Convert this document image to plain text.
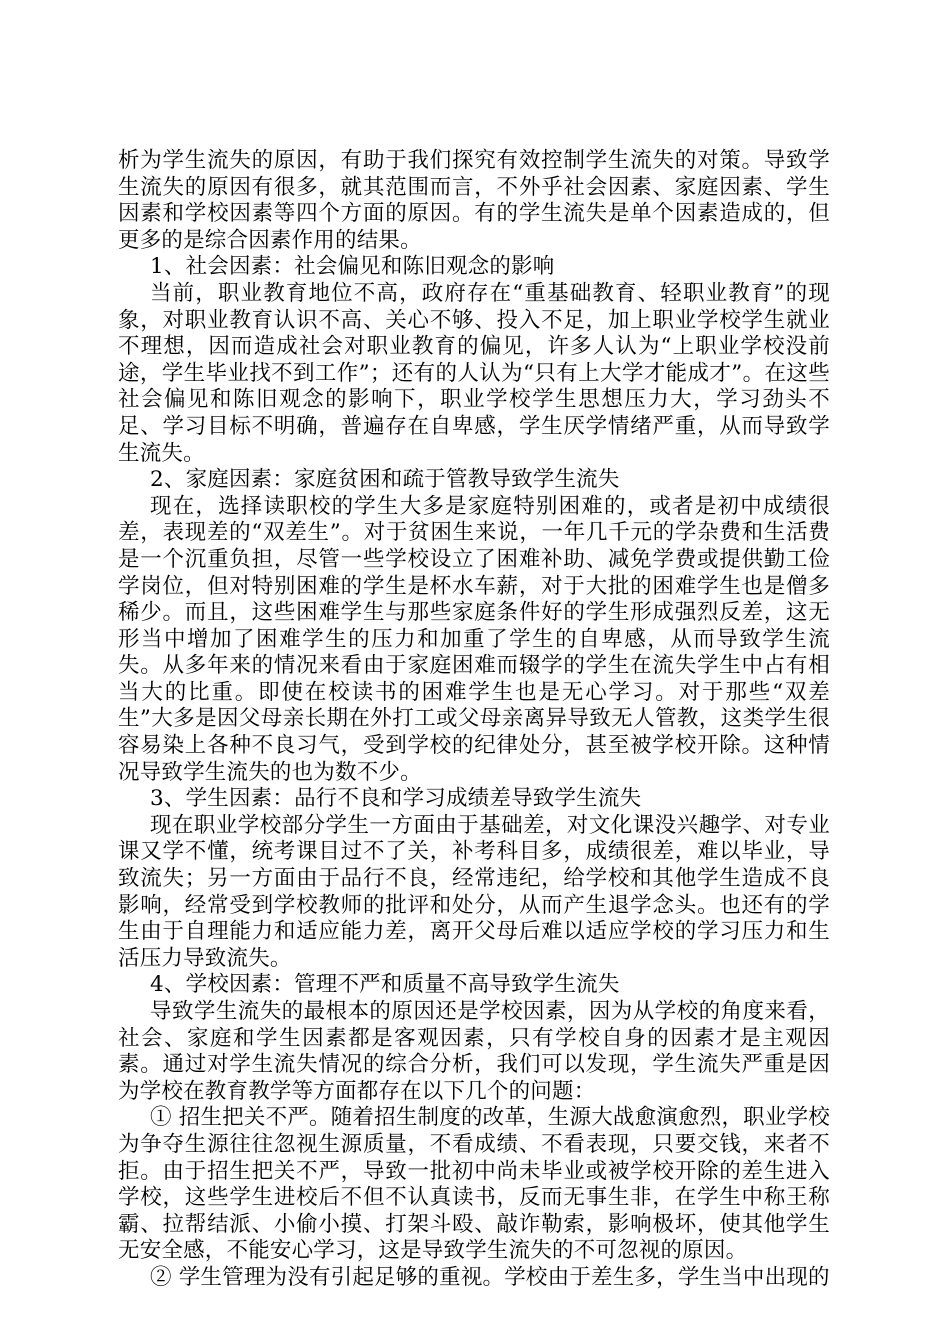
析为学生流失的原因，有助于我们探究有效控制学生流失的对策。导致学生流失的原因有很多，就其范围而言，不外乎社会因素、家庭因素、学生因素和学校因素等四个方面的原因。有的学生流失是单个因素造成的，但更多的是综合因素作用的结果。

1、社会因素：社会偏见和陈旧观念的影响

当前，职业教育地位不高，政府存在“重基础教育、轻职业教育”的现象，对职业教育认识不高、关心不够、投入不足，加上职业学校学生就业不理想，因而造成社会对职业教育的偏见，许多人认为“上职业学校没前途，学生毕业找不到工作”；还有的人认为“只有上大学才能成才”。在这些社会偏见和陈旧观念的影响下，职业学校学生思想压力大，学习劲头不足、学习目标不明确，普遍存在自卑感，学生厌学情绪严重，从而导致学生流失。

2、家庭因素：家庭贫困和疏于管教导致学生流失

现在，选择读职校的学生大多是家庭特别困难的，或者是初中成绩很差，表现差的“双差生”。对于贫困生来说，一年几千元的学杂费和生活费是一个沉重负担，尽管一些学校设立了困难补助、减免学费或提供勤工俭学岗位，但对特别困难的学生是杯水车薪，对于大批的困难学生也是僧多稀少。而且，这些困难学生与那些家庭条件好的学生形成强烈反差，这无形当中增加了困难学生的压力和加重了学生的自卑感，从而导致学生流失。从多年来的情况来看由于家庭困难而辍学的学生在流失学生中占有相当大的比重。即使在校读书的困难学生也是无心学习。对于那些“双差生”大多是因父母亲长期在外打工或父母亲离异导致无人管教，这类学生很容易染上各种不良习气，受到学校的纪律处分，甚至被学校开除。这种情况导致学生流失的也为数不少。

3、学生因素：品行不良和学习成绩差导致学生流失

现在职业学校部分学生一方面由于基础差，对文化课没兴趣学、对专业课又学不懂，统考课目过不了关，补考科目多，成绩很差，难以毕业，导致流失；另一方面由于品行不良，经常违纪，给学校和其他学生造成不良影响，经常受到学校教师的批评和处分，从而产生退学念头。也还有的学生由于自理能力和适应能力差，离开父母后难以适应学校的学习压力和生活压力导致流失。

4、学校因素：管理不严和质量不高导致学生流失

导致学生流失的最根本的原因还是学校因素，因为从学校的角度来看，社会、家庭和学生因素都是客观因素，只有学校自身的因素才是主观因素。通过对学生流失情况的综合分析，我们可以发现，学生流失严重是因为学校在教育教学等方面都存在以下几个的问题：

① 招生把关不严。随着招生制度的改革，生源大战愈演愈烈，职业学校为争夺生源往往忽视生源质量，不看成绩、不看表现，只要交钱，来者不拒。由于招生把关不严，导致一批初中尚未毕业或被学校开除的差生进入学校，这些学生进校后不但不认真读书，反而无事生非，在学生中称王称霸、拉帮结派、小偷小摸、打架斗殴、敲诈勒索，影响极坏，使其他学生无安全感，不能安心学习，这是导致学生流失的不可忽视的原因。

② 学生管理为没有引起足够的重视。学校由于差生多，学生当中出现的
